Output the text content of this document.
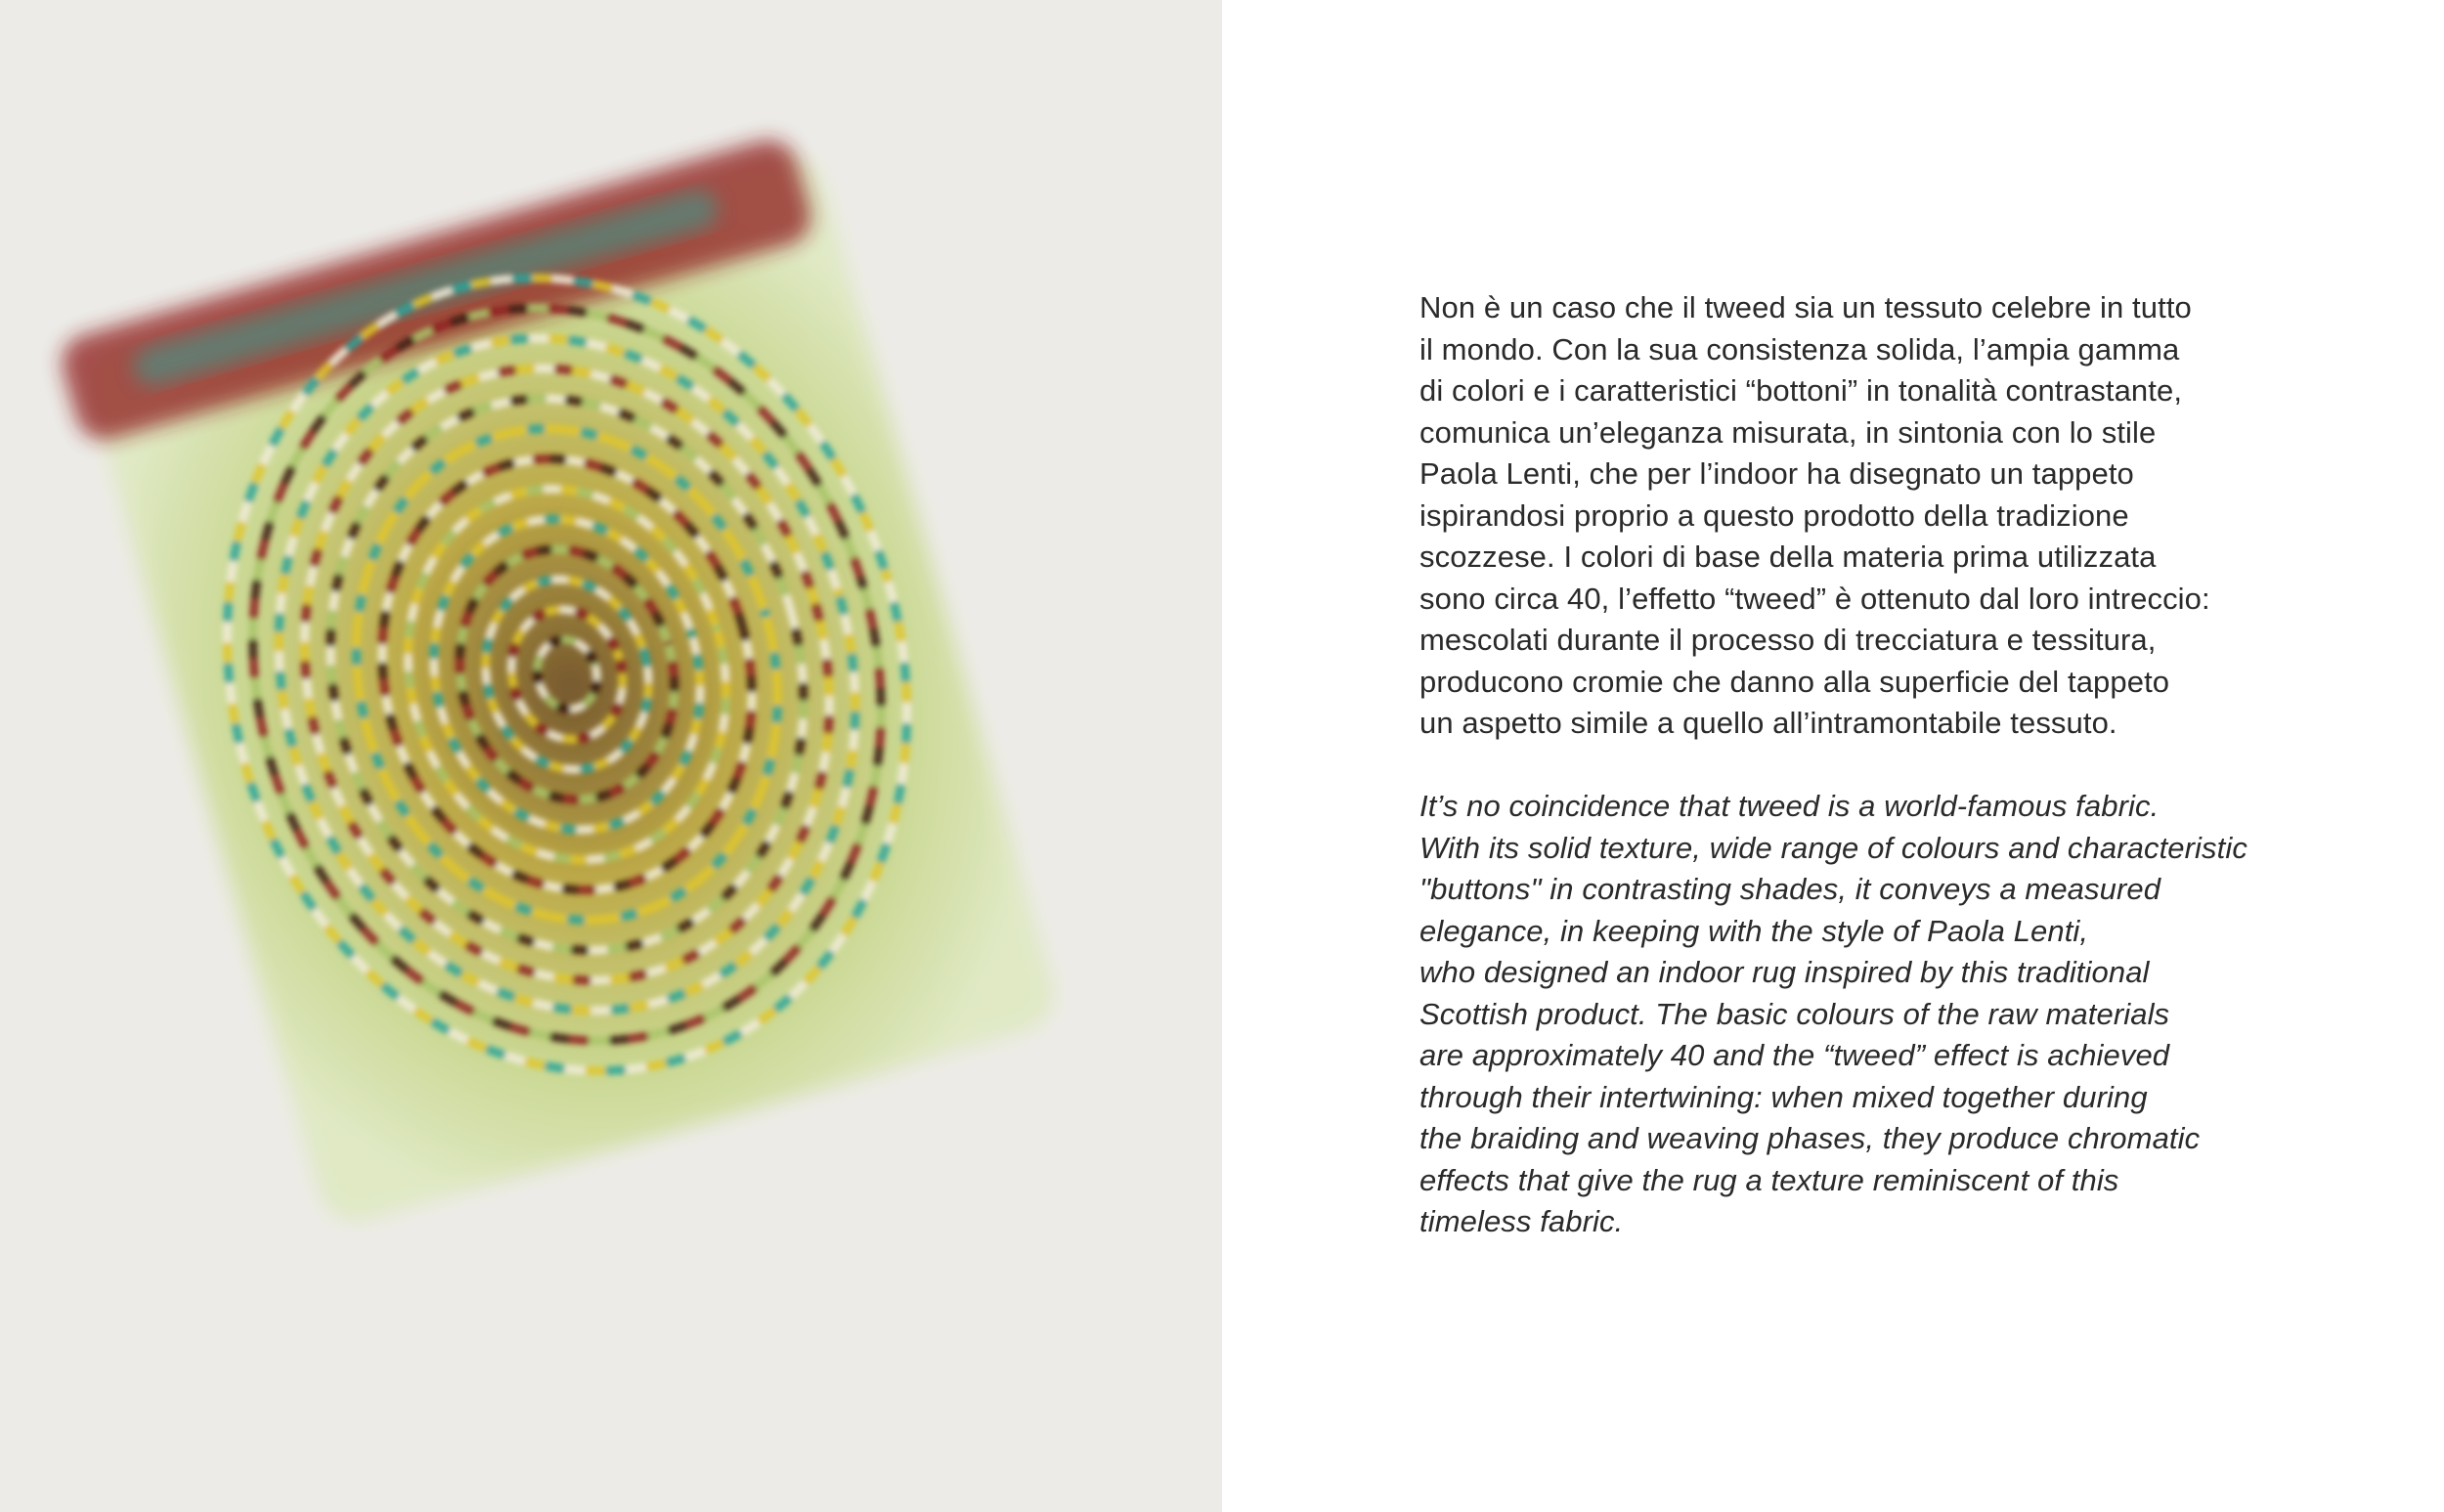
Non è un caso che il tweed sia un tessuto celebre in tutto
il mondo. Con la sua consistenza solida, l’ampia gamma
di colori e i caratteristici “bottoni” in tonalità contrastante,
comunica un’eleganza misurata, in sintonia con lo stile
Paola Lenti, che per l’indoor ha disegnato un tappeto
ispirandosi proprio a questo prodotto della tradizione
scozzese. I colori di base della materia prima utilizzata
sono circa 40, l’effetto “tweed” è ottenuto dal loro intreccio:
mescolati durante il processo di trecciatura e tessitura,
producono cromie che danno alla superficie del tappeto
un aspetto simile a quello all’intramontabile tessuto.
It’s no coincidence that tweed is a world-famous fabric.
With its solid texture, wide range of colours and characteristic
"buttons" in contrasting shades, it conveys a measured
elegance, in keeping with the style of Paola Lenti,
who designed an indoor rug inspired by this traditional
Scottish product. The basic colours of the raw materials
are approximately 40 and the “tweed” effect is achieved
through their intertwining: when mixed together during
the braiding and weaving phases, they produce chromatic
effects that give the rug a texture reminiscent of this
timeless fabric.
